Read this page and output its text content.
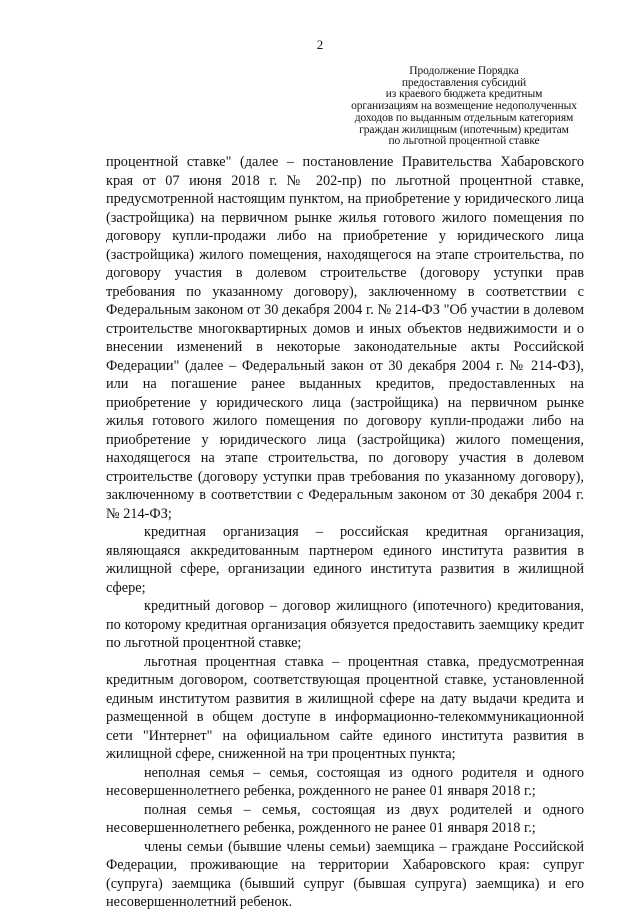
2
Продолжение Порядка
предоставления субсидий
из краевого бюджета кредитным
организациям на возмещение недополученных
доходов по выданным отдельным категориям
граждан жилищным (ипотечным) кредитам
по льготной процентной ставке

процентной ставке" (далее – постановление Правительства Хабаровского края от 07 июня 2018 г. № 202-пр) по льготной процентной ставке, предусмотренной настоящим пунктом, на приобретение у юридического лица (застройщика) на первичном рынке жилья готового жилого помещения по договору купли-продажи либо на приобретение у юридического лица (застройщика) жилого помещения, находящегося на этапе строительства, по договору участия в долевом строительстве (договору уступки прав требования по указанному договору), заключенному в соответствии с Федеральным законом от 30 декабря 2004 г. № 214-ФЗ "Об участии в долевом строительстве многоквартирных домов и иных объектов недвижимости и о внесении изменений в некоторые законодательные акты Российской Федерации" (далее – Федеральный закон от 30 декабря 2004 г. № 214-ФЗ), или на погашение ранее выданных кредитов, предоставленных на приобретение у юридического лица (застройщика) на первичном рынке жилья готового жилого помещения по договору купли-продажи либо на приобретение у юридического лица (застройщика) жилого помещения, находящегося на этапе строительства, по договору участия в долевом строительстве (договору уступки прав требования по указанному договору), заключенному в соответствии с Федеральным законом от 30 декабря 2004 г. № 214-ФЗ;

кредитная организация – российская кредитная организация, являющаяся аккредитованным партнером единого института развития в жилищной сфере, организации единого института развития в жилищной сфере;

кредитный договор – договор жилищного (ипотечного) кредитования, по которому кредитная организация обязуется предоставить заемщику кредит по льготной процентной ставке;

льготная процентная ставка – процентная ставка, предусмотренная кредитным договором, соответствующая процентной ставке, установленной единым институтом развития в жилищной сфере на дату выдачи кредита и размещенной в общем доступе в информационно-телекоммуникационной сети "Интернет" на официальном сайте единого института развития в жилищной сфере, сниженной на три процентных пункта;

неполная семья – семья, состоящая из одного родителя и одного несовершеннолетнего ребенка, рожденного не ранее 01 января 2018 г.;

полная семья – семья, состоящая из двух родителей и одного несовершеннолетнего ребенка, рожденного не ранее 01 января 2018 г.;

члены семьи (бывшие члены семьи) заемщика – граждане Российской Федерации, проживающие на территории Хабаровского края: супруг (супруга) заемщика (бывший супруг (бывшая супруга) заемщика) и его несовершеннолетний ребенок.
